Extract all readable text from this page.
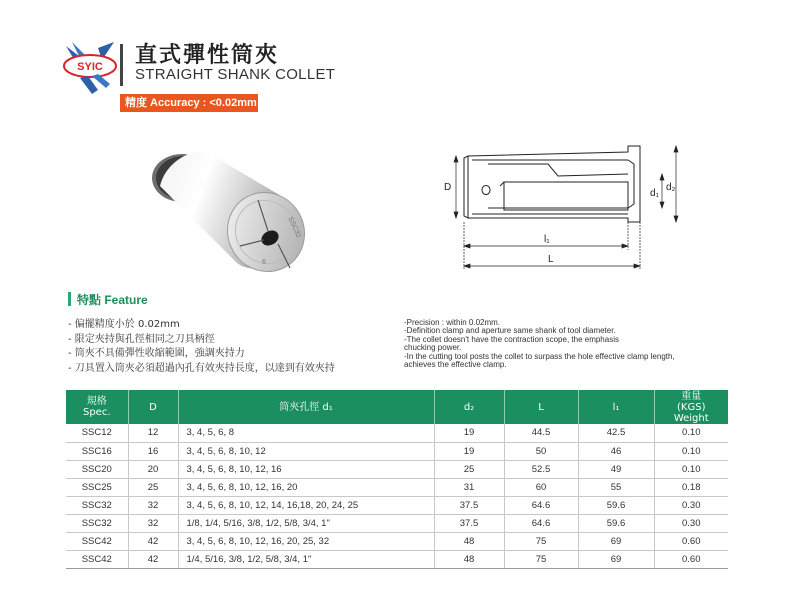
SYIC 直式彈性筒夾
STRAIGHT SHANK COLLET
精度 Accuracy : <0.02mm
SSC32
6
D
d₁
d₂
l₁
L
特點 Feature
- 偏擺精度小於 0.02mm
- 限定夾持與孔徑相同之刀具柄徑
- 筒夾不具備彈性收縮範圍，強調夾持力
- 刀具置入筒夾必須超過內孔有效夾持長度，以達到有效夾持
-Precision : within 0.02mm.
-Definition clamp and aperture same shank of tool diameter.
-The collet doesn't have the contraction scope, the emphasis
chucking power.
-In the cutting tool posts the collet to surpass the hole effective clamp length,
achieves the effective clamp.
規格
Spec.	D	筒夾孔徑 d₁	d₂	L	l₁	重量
(KGS)
Weight
SSC12	12	3, 4, 5, 6, 8	19	44.5	42.5	0.10
SSC16	16	3, 4, 5, 6, 8, 10, 12	19	50	46	0.10
SSC20	20	3, 4, 5, 6, 8, 10, 12, 16	25	52.5	49	0.10
SSC25	25	3, 4, 5, 6, 8, 10, 12, 16, 20	31	60	55	0.18
SSC32	32	3, 4, 5, 6, 8, 10, 12, 14, 16,18, 20, 24, 25	37.5	64.6	59.6	0.30
SSC32	32	1/8, 1/4, 5/16, 3/8, 1/2, 5/8, 3/4, 1"	37.5	64.6	59.6	0.30
SSC42	42	3, 4, 5, 6, 8, 10, 12, 16, 20, 25, 32	48	75	69	0.60
SSC42	42	1/4, 5/16, 3/8, 1/2, 5/8, 3/4, 1"	48	75	69	0.60
